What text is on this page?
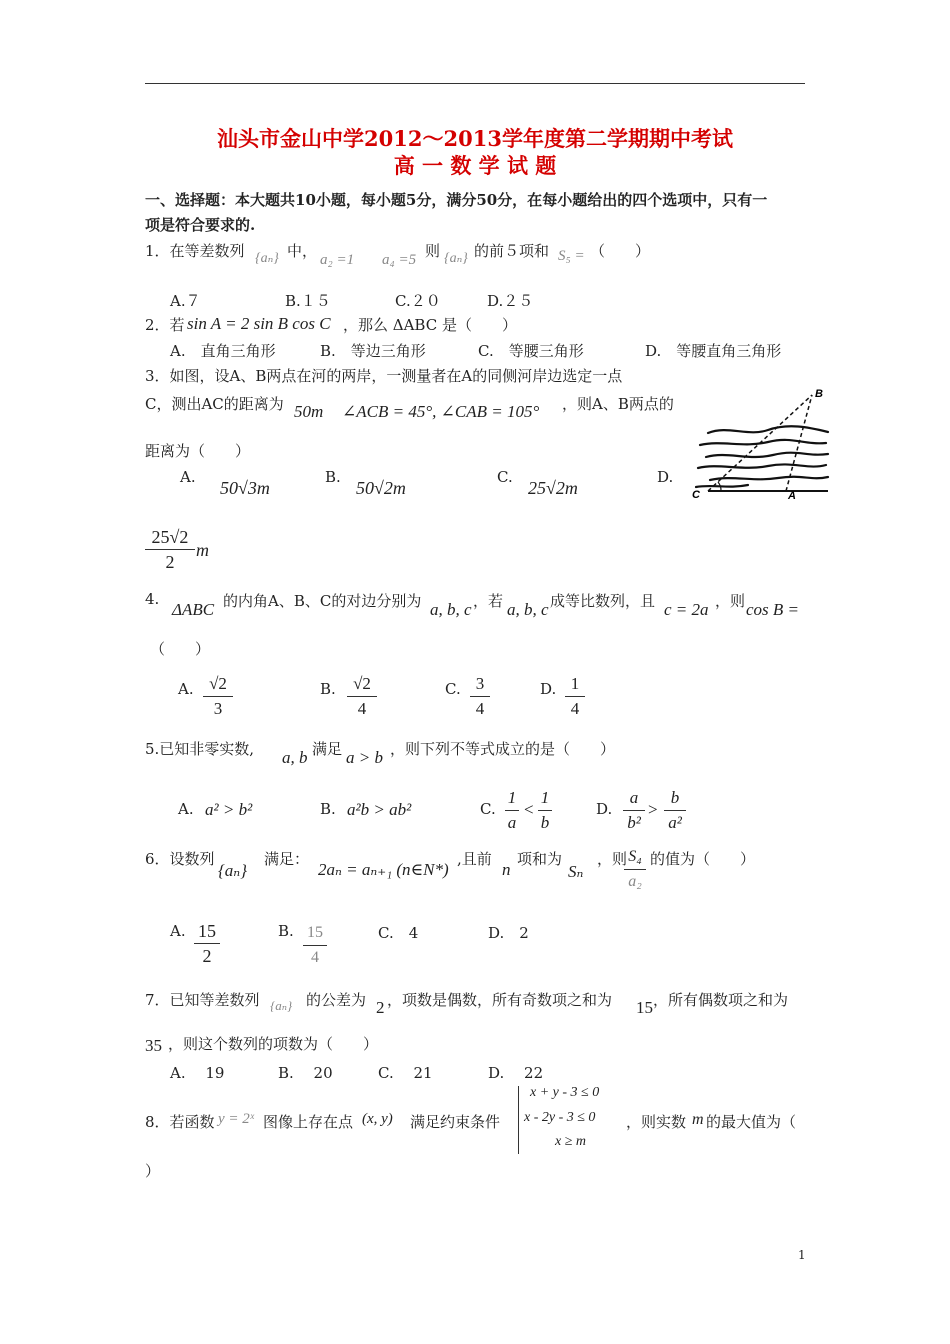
汕头市金山中学2012～2013学年度第二学期期中考试
高 一 数 学 试 题
一、选择题：本大题共10小题，每小题5分，满分50分，在每小题给出的四个选项中，只有一
项是符合要求的.
1．在等差数列 {aₙ} 中， a₂ =1 a₄ =5 则 {aₙ} 的前５项和 S₅ = （　　）
A.７	B.１５	C.２０	D.２５
2．若 sin A = 2 sin B cos C ，那么 ΔABC 是（　　）
A.　直角三角形	B.　等边三角形	C.　等腰三角形	D.　等腰直角三角形
3．如图，设A、B两点在河的两岸，一测量者在A的同侧河岸边选定一点
C，测出AC的距离为 50m ∠ACB = 45°, ∠CAB = 105° ，则A、B两点的
距离为（　　）
A.
50√3m
B.
50√2m
C.
25√2m
D.
25√2
2
m
B
C	A
4.
ΔABC 的内角A、B、C的对边分别为 a, b, c ，若 a, b, c 成等比数列，且 c = 2a ，则 cos B =
（　　）
A. √2
3
B.	√2
4
C. 3
4
D. 1
4
5.已知非零实数, a, b 满足 a > b ，则下列不等式成立的是（　　）
A. a² > b²	B. a²b > ab²	C.
1
a
<
1
b
D.
a
b²
>
b
a²
6．设数列
{aₙ}
满足：
2aₙ = aₙ₊₁ (n∈N*)
,且前
n
项和为
Sₙ
，则 S₄
a₂
的值为（　　）
A. 15
2
B. 15
4
C.　4	D.　2
7．已知等差数列 {aₙ} 的公差为 2 ，项数是偶数，所有奇数项之和为 15 ，所有偶数项之和为
35 ，则这个数列的项数为（　　）
A.　 19	B.　 20	C.　 21	D.　 22
8．若函数 y = 2ˣ 图像上存在点 (x, y) 满足约束条件
x + y - 3 ≤ 0
x - 2y - 3 ≤ 0
x ≥ m
，则实数 m 的最大值为（
）
1
